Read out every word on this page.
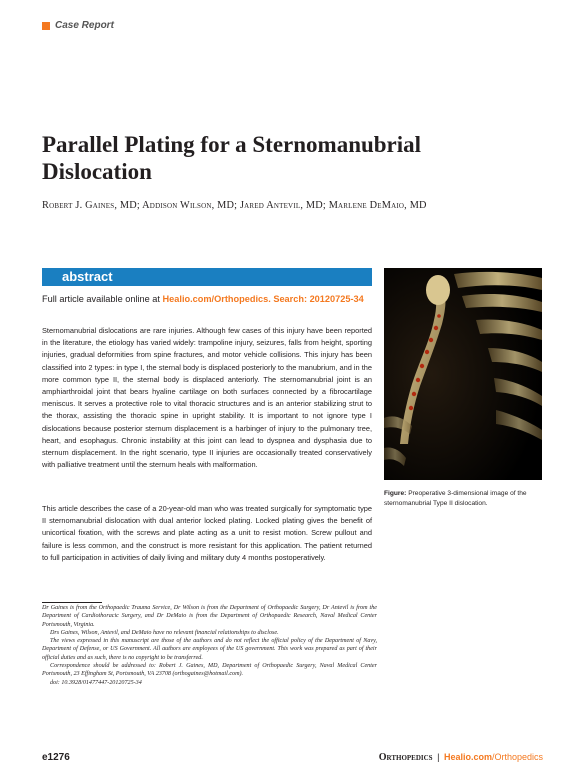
Case Report
Parallel Plating for a Sternomanubrial Dislocation
Robert J. Gaines, MD; Addison Wilson, MD; Jared Antevil, MD; Marlene DeMaio, MD
abstract
Full article available online at Healio.com/Orthopedics. Search: 20120725-34

Sternomanubrial dislocations are rare injuries. Although few cases of this injury have been reported in the literature, the etiology has varied widely: trampoline injury, seizures, falls from height, sporting injuries, gradual deformities from spine fractures, and motor vehicle collisions. This injury has been classified into 2 types: in type I, the sternal body is displaced posteriorly to the manubrium, and in the more common type II, the sternal body is displaced anteriorly. The sternomanubrial joint is an amphiarthroidal joint that bears hyaline cartilage on both surfaces connected by a fibrocartilage meniscus. It serves a protective role to vital thoracic structures and is an anterior stabilizing strut to the thorax, assisting the thoracic spine in upright stability. It is important to not ignore type I dislocations because posterior sternum displacement is a harbinger of injury to the pulmonary tree, heart, and esophagus. Chronic instability at this joint can lead to dyspnea and dysphasia due to sternum displacement. In the right scenario, type II injuries are occasionally treated conservatively with palliative treatment until the sternum heals with malformation.

This article describes the case of a 20-year-old man who was treated surgically for symptomatic type II sternomanubrial dislocation with dual anterior locked plating. Locked plating gives the benefit of unicortical fixation, with the screws and plate acting as a unit to resist motion. Screw pullout and failure is less common, and the construct is more resistant for this application. The patient returned to full participation in activities of daily living and military duty 4 months postoperatively.

Figure: Preoperative 3-dimensional image of the sternomanubrial Type II dislocation.

Dr Gaines is from the Orthopaedic Trauma Service, Dr Wilson is from the Department of Orthopaedic Surgery, Dr Antevil is from the Department of Cardiothoracic Surgery, and Dr DeMaio is from the Department of Orthopaedic Research, Naval Medical Center Portsmouth, Virginia.

Drs Gaines, Wilson, Antevil, and DeMaio have no relevant financial relationships to disclose.

The views expressed in this manuscript are those of the authors and do not reflect the official policy of the Department of Navy, Department of Defense, or US Government. All authors are employees of the US government. This work was prepared as part of their official duties and as such, there is no copyright to be transferred.

Correspondence should be addressed to: Robert J. Gaines, MD, Department of Orthopaedic Surgery, Naval Medical Center Portsmouth, 23 Effingham St, Portsmouth, VA 23708 (orthogaines@hotmail.com).

doi: 10.3928/01477447-20120725-34

e1276	Orthopedics | Healio.com/Orthopedics
